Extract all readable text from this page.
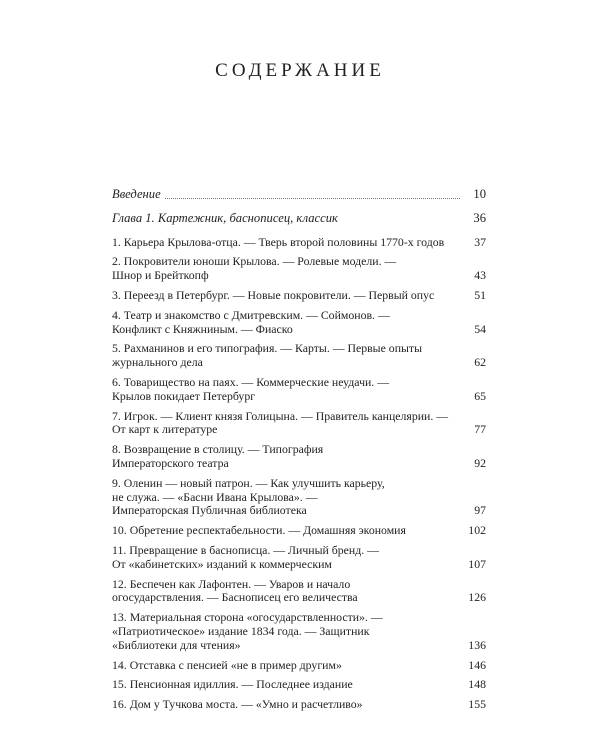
СОДЕРЖАНИЕ
Введение	10
Глава 1. Картежник, баснописец, классик	36
1. Карьера Крылова-отца. — Тверь второй половины 1770-х годов	37
2. Покровители юноши Крылова. — Ролевые модели. —
Шнор и Брейткопф	43
3. Переезд в Петербург. — Новые покровители. — Первый опус	51
4. Театр и знакомство с Дмитревским. — Соймонов. —
Конфликт с Княжниным. — Фиаско	54
5. Рахманинов и его типография. — Карты. — Первые опыты
журнального дела	62
6. Товарищество на паях. — Коммерческие неудачи. —
Крылов покидает Петербург	65
7. Игрок. — Клиент князя Голицына. — Правитель канцелярии. —
От карт к литературе	77
8. Возвращение в столицу. — Типография
Императорского театра	92
9. Оленин — новый патрон. — Как улучшить карьеру,
не служа. — «Басни Ивана Крылова». —
Императорская Публичная библиотека	97
10. Обретение респектабельности. — Домашняя экономия	102
11. Превращение в баснописца. — Личный бренд. —
От «кабинетских» изданий к коммерческим	107
12. Беспечен как Лафонтен. — Уваров и начало
огосударствления. — Баснописец его величества	126
13. Материальная сторона «огосударствленности». —
«Патриотическое» издание 1834 года. — Защитник
«Библиотеки для чтения»	136
14. Отставка с пенсией «не в пример другим»	146
15. Пенсионная идиллия. — Последнее издание	148
16. Дом у Тучкова моста. — «Умно и расчетливо»	155
